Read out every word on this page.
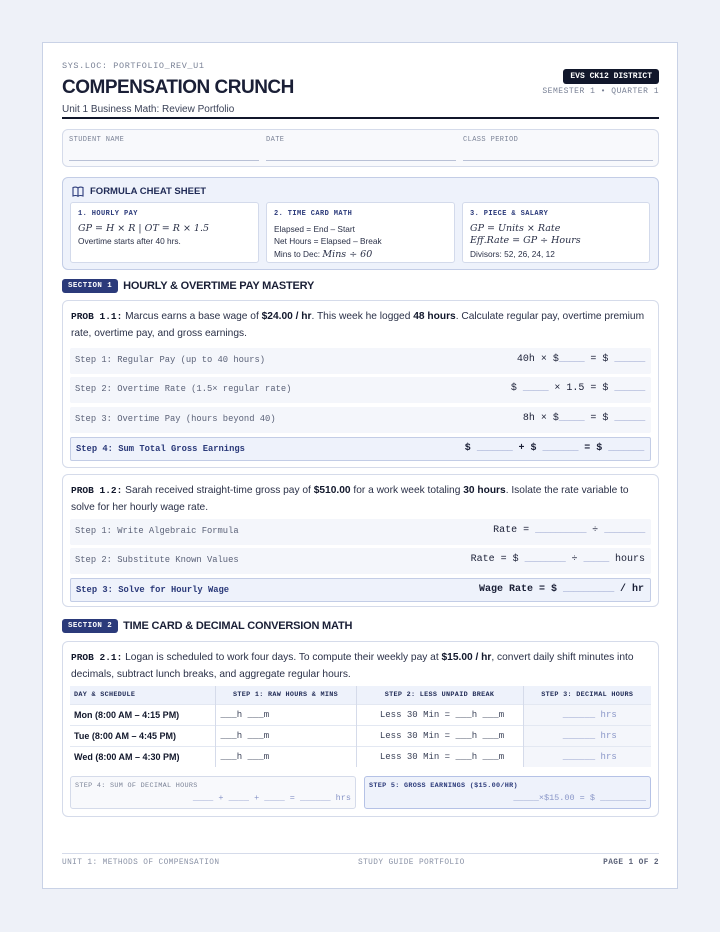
SYS.LOC: PORTFOLIO_REV_U1
COMPENSATION CRUNCH
Unit 1 Business Math: Review Portfolio
EVS CK12 DISTRICT
SEMESTER 1 • QUARTER 1
STUDENT NAME	DATE	CLASS PERIOD
FORMULA CHEAT SHEET
1. HOURLY PAY
GP = H × R | OT = R × 1.5
Overtime starts after 40 hrs.
2. TIME CARD MATH
Elapsed = End – Start
Net Hours = Elapsed – Break
Mins to Dec: Mins ÷ 60
3. PIECE & SALARY
GP = Units × Rate
Eff.Rate = GP ÷ Hours
Divisors: 52, 26, 24, 12
SECTION 1	HOURLY & OVERTIME PAY MASTERY
PROB 1.1: Marcus earns a base wage of $24.00 / hr. This week he logged 48 hours. Calculate regular pay, overtime premium rate, overtime pay, and gross earnings.
Step 1: Regular Pay (up to 40 hours)	40h × $_____ = $ ______
Step 2: Overtime Rate (1.5× regular rate)	$ _____ × 1.5 = $ ______
Step 3: Overtime Pay (hours beyond 40)	8h × $_____ = $ ______
Step 4: Sum Total Gross Earnings	$ _______ + $ _______ = $ _______
PROB 1.2: Sarah received straight-time gross pay of $510.00 for a work week totaling 30 hours. Isolate the rate variable to solve for her hourly wage rate.
Step 1: Write Algebraic Formula	Rate = __________ ÷ ________
Step 2: Substitute Known Values	Rate = $ ________ ÷ _____ hours
Step 3: Solve for Hourly Wage	Wage Rate = $ __________ / hr
SECTION 2	TIME CARD & DECIMAL CONVERSION MATH
PROB 2.1: Logan is scheduled to work four days. To compute their weekly pay at $15.00 / hr, convert daily shift minutes into decimals, subtract lunch breaks, and aggregate regular hours.
DAY & SCHEDULE	STEP 1: RAW HOURS & MINS	STEP 2: LESS UNPAID BREAK	STEP 3: DECIMAL HOURS
Mon (8:00 AM – 4:15 PM)	___h ___m	Less 30 Min = ___h ___m	______ hrs
Tue (8:00 AM – 4:45 PM)	___h ___m	Less 30 Min = ___h ___m	______ hrs
Wed (8:00 AM – 4:30 PM)	___h ___m	Less 30 Min = ___h ___m	______ hrs
STEP 4: SUM OF DECIMAL HOURS
____ + ____ + ____ = ______ hrs
STEP 5: GROSS EARNINGS ($15.00/HR)
_____×$15.00 = $ _________
UNIT 1: METHODS OF COMPENSATION	STUDY GUIDE PORTFOLIO	PAGE 1 OF 2
